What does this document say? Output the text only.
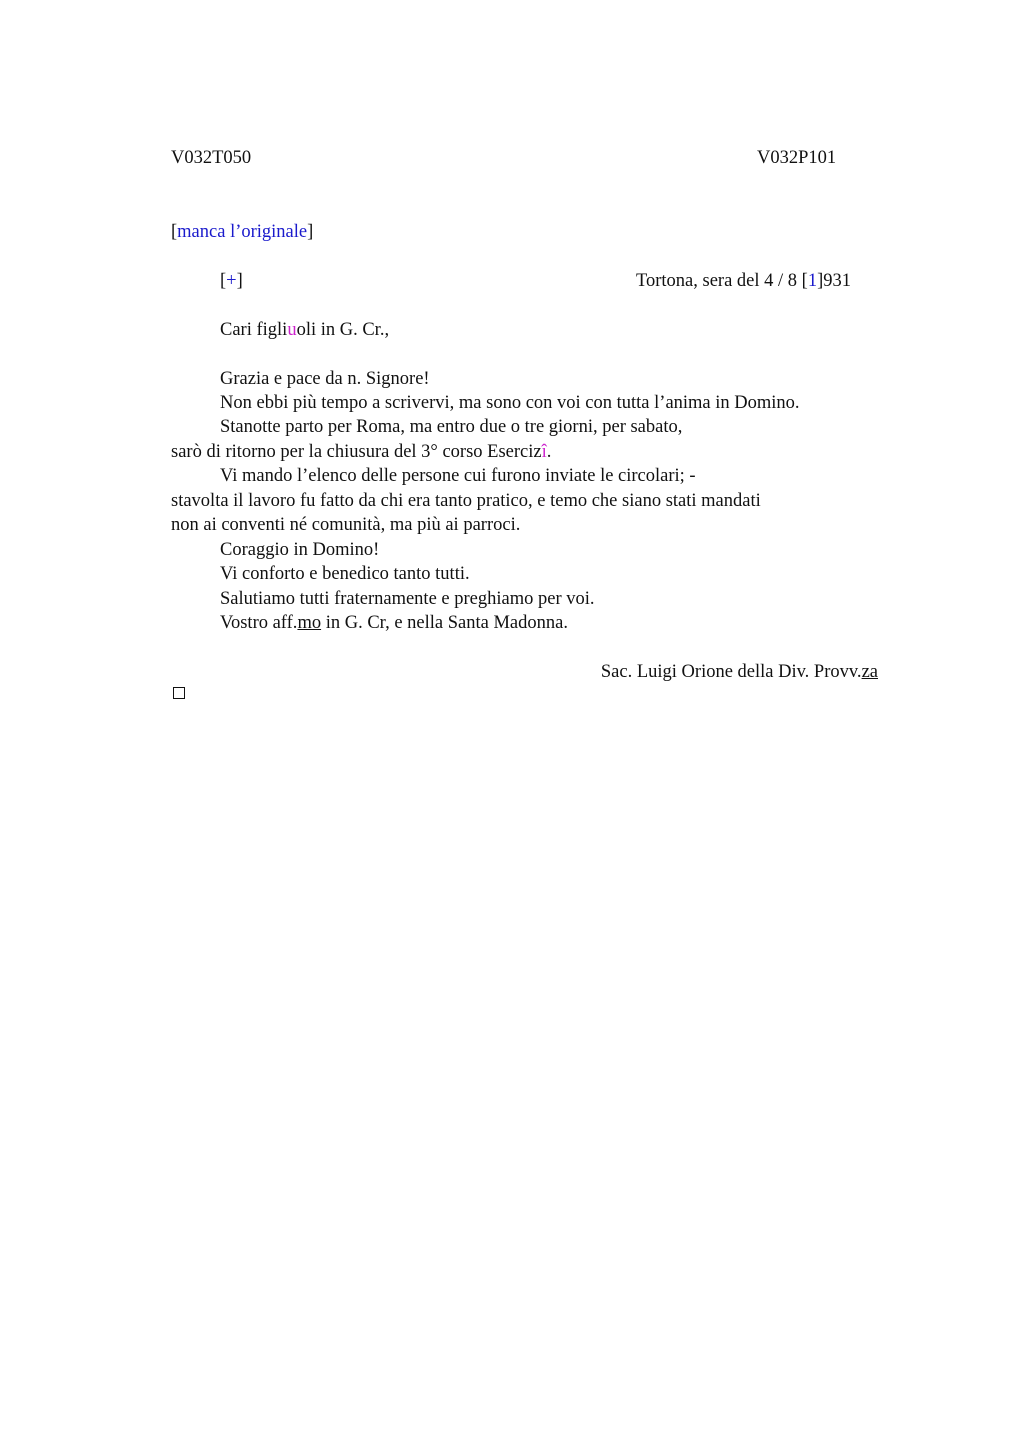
V032T050	V032P101
[manca l’originale]
[+]	Tortona, sera del 4 / 8 [1]931
Cari figliuoli in G. Cr.,
Grazia e pace da n. Signore!
Non ebbi più tempo a scrivervi, ma sono con voi con tutta l’anima in Domino.
Stanotte parto per Roma, ma entro due o tre giorni, per sabato,
sarò di ritorno per la chiusura del 3° corso Esercizî.
Vi mando l’elenco delle persone cui furono inviate le circolari; -
stavolta il lavoro fu fatto da chi era tanto pratico, e temo che siano stati mandati
non ai conventi né comunità, ma più ai parroci.
Coraggio in Domino!
Vi conforto e benedico tanto tutti.
Salutiamo tutti fraternamente e preghiamo per voi.
Vostro aff.mo in G. Cr, e nella Santa Madonna.
Sac. Luigi Orione della Div. Provv.za
